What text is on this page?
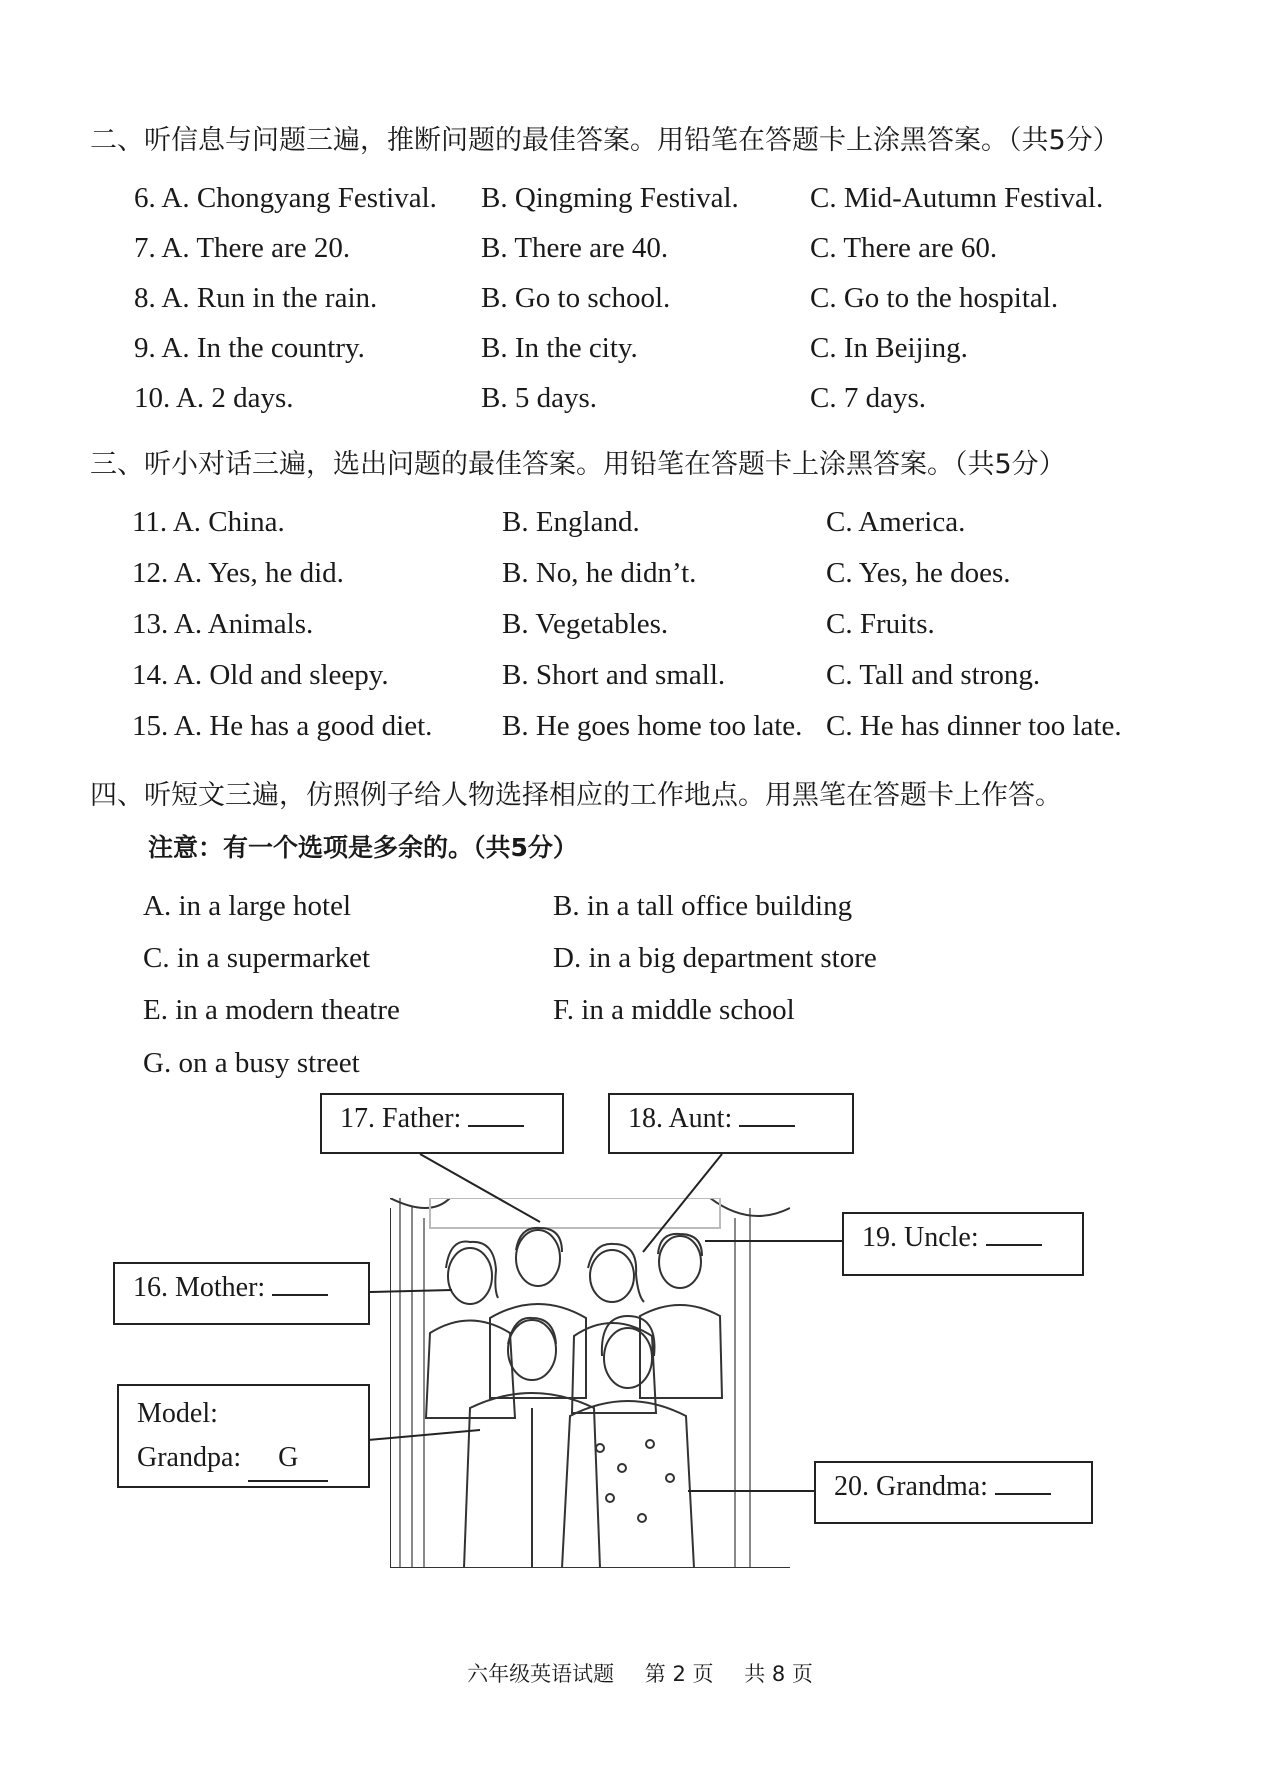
二、听信息与问题三遍，推断问题的最佳答案。用铅笔在答题卡上涂黑答案。（共5分）
6. A. Chongyang Festival. B. Qingming Festival. C. Mid-Autumn Festival.
7. A. There are 20.	B. There are 40.	C. There are 60.
8. A. Run in the rain.	B. Go to school.	C. Go to the hospital.
9. A. In the country.	B. In the city.	C. In Beijing.
10. A. 2 days.	B. 5 days.	C. 7 days.
三、听小对话三遍，选出问题的最佳答案。用铅笔在答题卡上涂黑答案。（共5分）
11. A. China.	B. England.	C. America.
12. A. Yes, he did.	B. No, he didn’t.	C. Yes, he does.
13. A. Animals.	B. Vegetables.	C. Fruits.
14. A. Old and sleepy.	B. Short and small.	C. Tall and strong.
15. A. He has a good diet. B. He goes home too late. C. He has dinner too late.
四、听短文三遍，仿照例子给人物选择相应的工作地点。用黑笔在答题卡上作答。
注意：有一个选项是多余的。（共5分）
A. in a large hotel	B. in a tall office building
C. in a supermarket	D. in a big department store
E. in a modern theatre	F. in a middle school
G. on a busy street
17. Father:	18. Aunt:
19. Uncle:
16. Mother:
Model:
Grandpa: G
20. Grandma:
六年级英语试题 第 2 页 共 8 页
